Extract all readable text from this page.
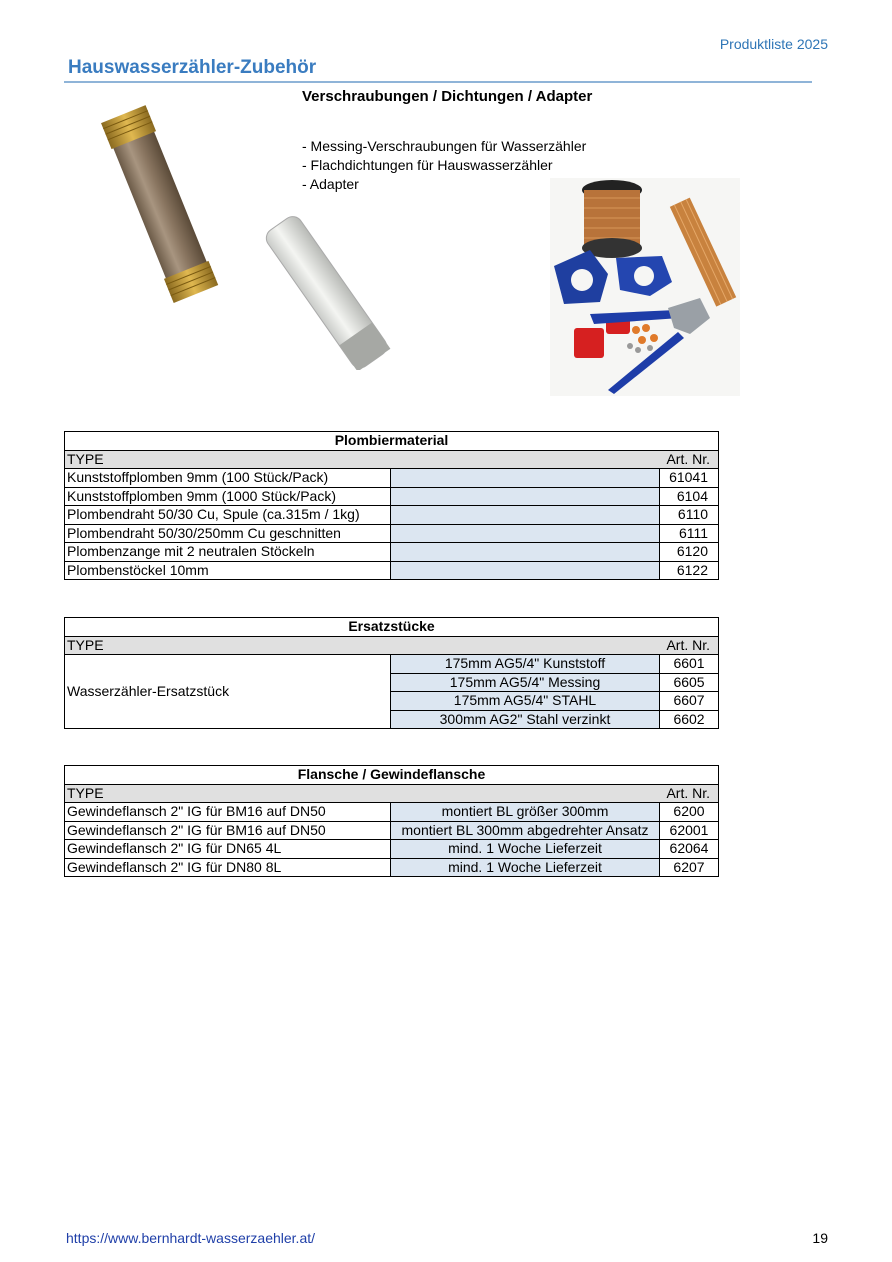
Produktliste 2025
Hauswasserzähler-Zubehör
Verschraubungen / Dichtungen / Adapter
- Messing-Verschraubungen für Wasserzähler
- Flachdichtungen für Hauswasserzähler
- Adapter
Plombiermaterial		
TYPE		Art. Nr.
Kunststoffplomben 9mm (100 Stück/Pack)		61041
Kunststoffplomben 9mm (1000 Stück/Pack)		6104
Plombendraht 50/30 Cu, Spule (ca.315m / 1kg)		6110
Plombendraht 50/30/250mm Cu geschnitten		6111
Plombenzange mit 2 neutralen Stöckeln		6120
Plombenstöckel 10mm		6122
Ersatzstücke		
TYPE		Art. Nr.
Wasserzähler-Ersatzstück	175mm AG5/4" Kunststoff	6601
	175mm AG5/4" Messing	6605
	175mm AG5/4" STAHL	6607
	300mm AG2" Stahl verzinkt	6602
Flansche / Gewindeflansche		
TYPE		Art. Nr.
Gewindeflansch 2" IG für BM16 auf DN50	montiert BL größer 300mm	6200
Gewindeflansch 2" IG für BM16 auf DN50	montiert BL 300mm abgedrehter Ansatz	62001
Gewindeflansch 2" IG für DN65 4L	mind. 1 Woche Lieferzeit	62064
Gewindeflansch 2" IG für DN80 8L	mind. 1 Woche Lieferzeit	6207
https://www.bernhardt-wasserzaehler.at/	19
